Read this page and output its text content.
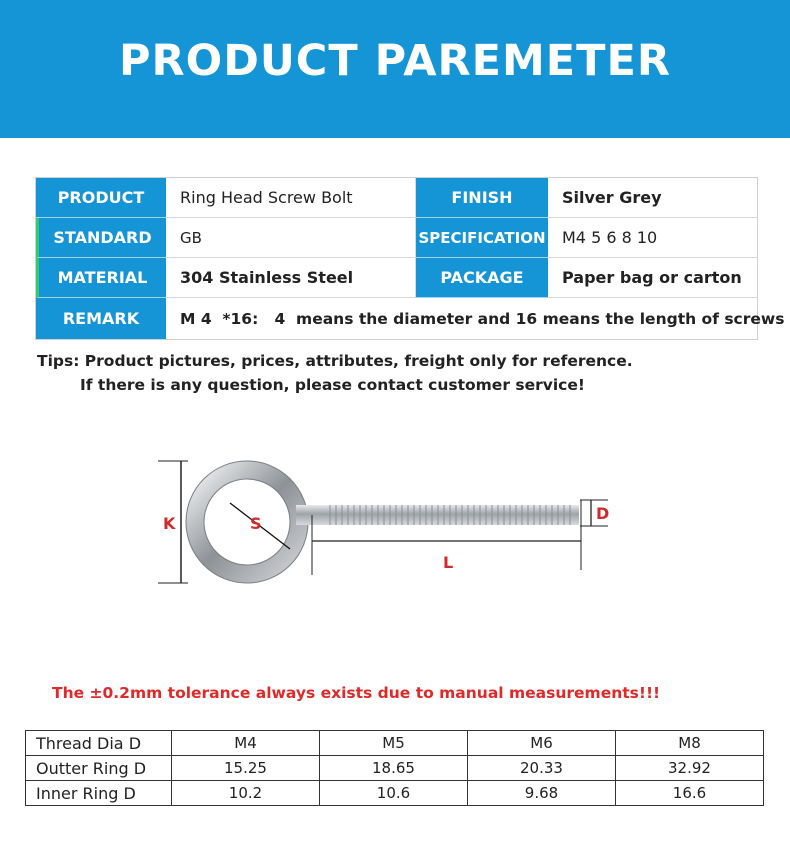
PRODUCT PAREMETER
PRODUCT	Ring Head Screw Bolt	FINISH	Silver Grey
STANDARD	GB	SPECIFICATION	M4 5 6 8 10
MATERIAL	304 Stainless Steel	PACKAGE	Paper bag or carton
REMARK	M 4  *16:   4  means the diameter and 16 means the length of screws
Tips: Product pictures, prices, attributes, freight only for reference.
If there is any question, please contact customer service!
K	S
L
D
The ±0.2mm tolerance always exists due to manual measurements!!!
Thread Dia D	M4	M5	M6	M8
Outter Ring D	15.25	18.65	20.33	32.92
Inner Ring D	10.2	10.6	9.68	16.6
